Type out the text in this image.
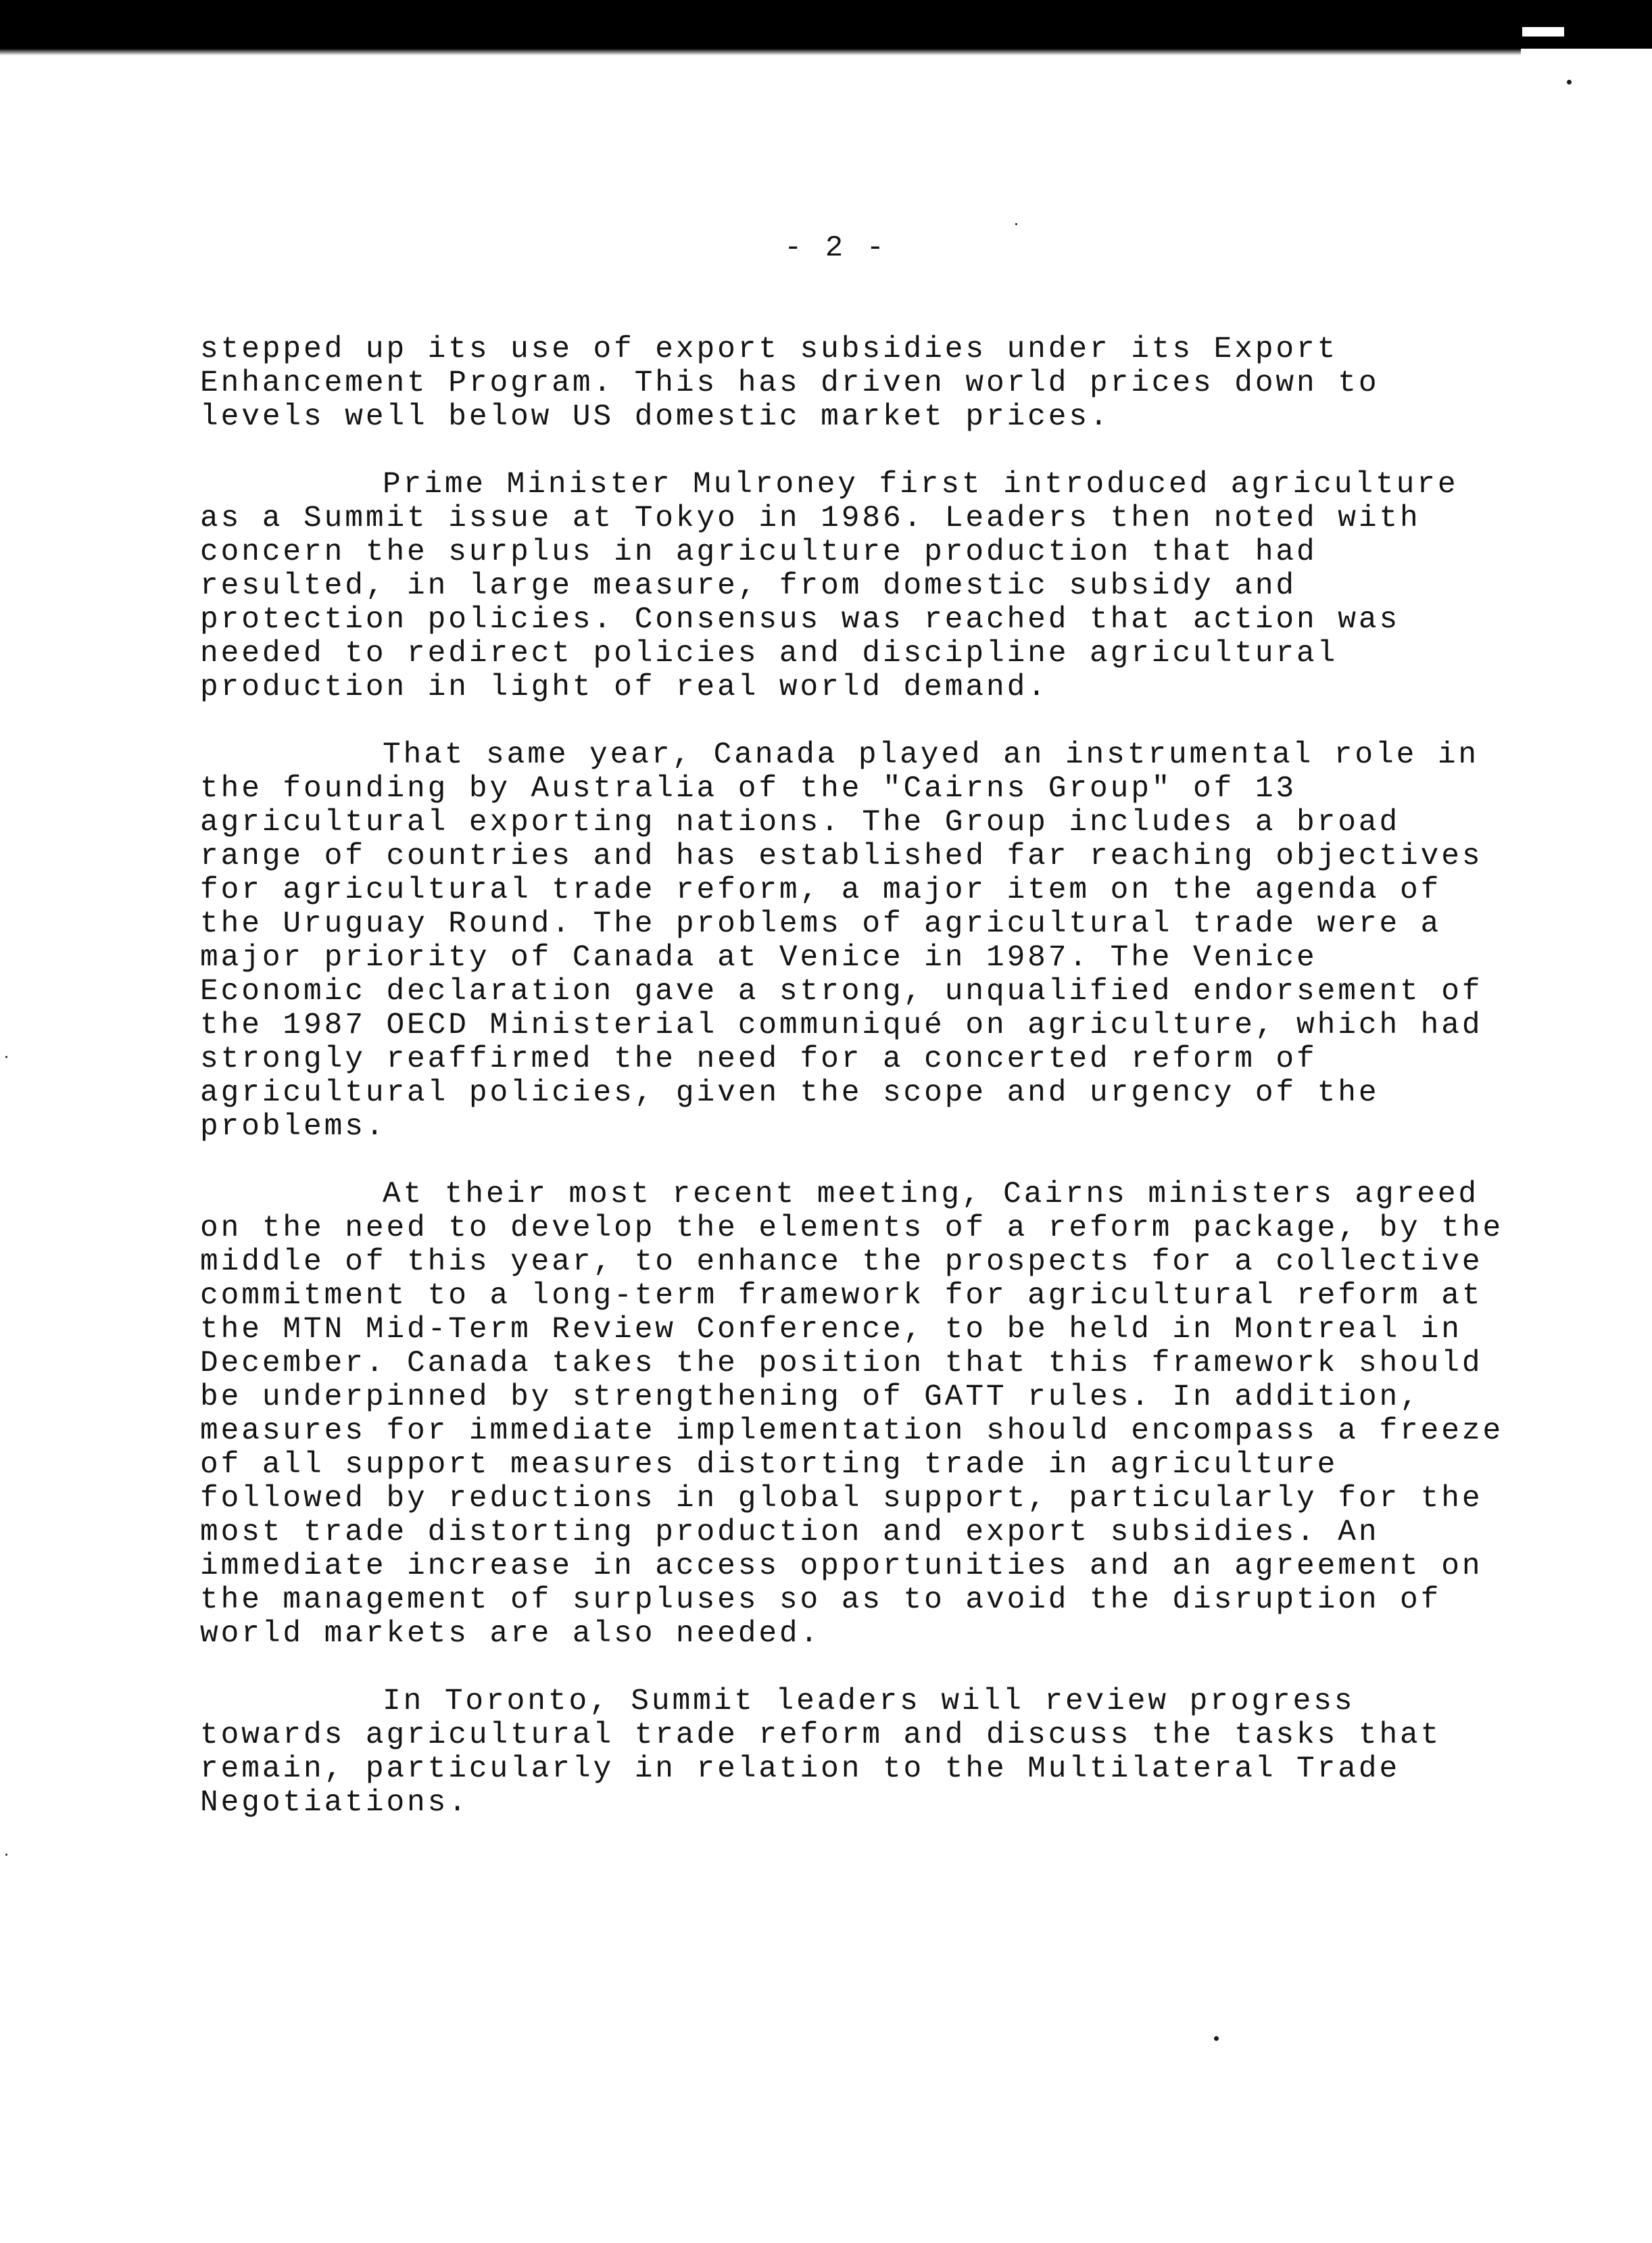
- 2 -

stepped up its use of export subsidies under its Export
Enhancement Program. This has driven world prices down to
levels well below US domestic market prices.

Prime Minister Mulroney first introduced agriculture
as a Summit issue at Tokyo in 1986. Leaders then noted with
concern the surplus in agriculture production that had
resulted, in large measure, from domestic subsidy and
protection policies. Consensus was reached that action was
needed to redirect policies and discipline agricultural
production in light of real world demand.

That same year, Canada played an instrumental role in
the founding by Australia of the "Cairns Group" of 13
agricultural exporting nations. The Group includes a broad
range of countries and has established far reaching objectives
for agricultural trade reform, a major item on the agenda of
the Uruguay Round. The problems of agricultural trade were a
major priority of Canada at Venice in 1987. The Venice
Economic declaration gave a strong, unqualified endorsement of
the 1987 OECD Ministerial communiqué on agriculture, which had
strongly reaffirmed the need for a concerted reform of
agricultural policies, given the scope and urgency of the
problems.

At their most recent meeting, Cairns ministers agreed
on the need to develop the elements of a reform package, by the
middle of this year, to enhance the prospects for a collective
commitment to a long-term framework for agricultural reform at
the MTN Mid-Term Review Conference, to be held in Montreal in
December. Canada takes the position that this framework should
be underpinned by strengthening of GATT rules. In addition,
measures for immediate implementation should encompass a freeze
of all support measures distorting trade in agriculture
followed by reductions in global support, particularly for the
most trade distorting production and export subsidies. An
immediate increase in access opportunities and an agreement on
the management of surpluses so as to avoid the disruption of
world markets are also needed.

In Toronto, Summit leaders will review progress
towards agricultural trade reform and discuss the tasks that
remain, particularly in relation to the Multilateral Trade
Negotiations.
